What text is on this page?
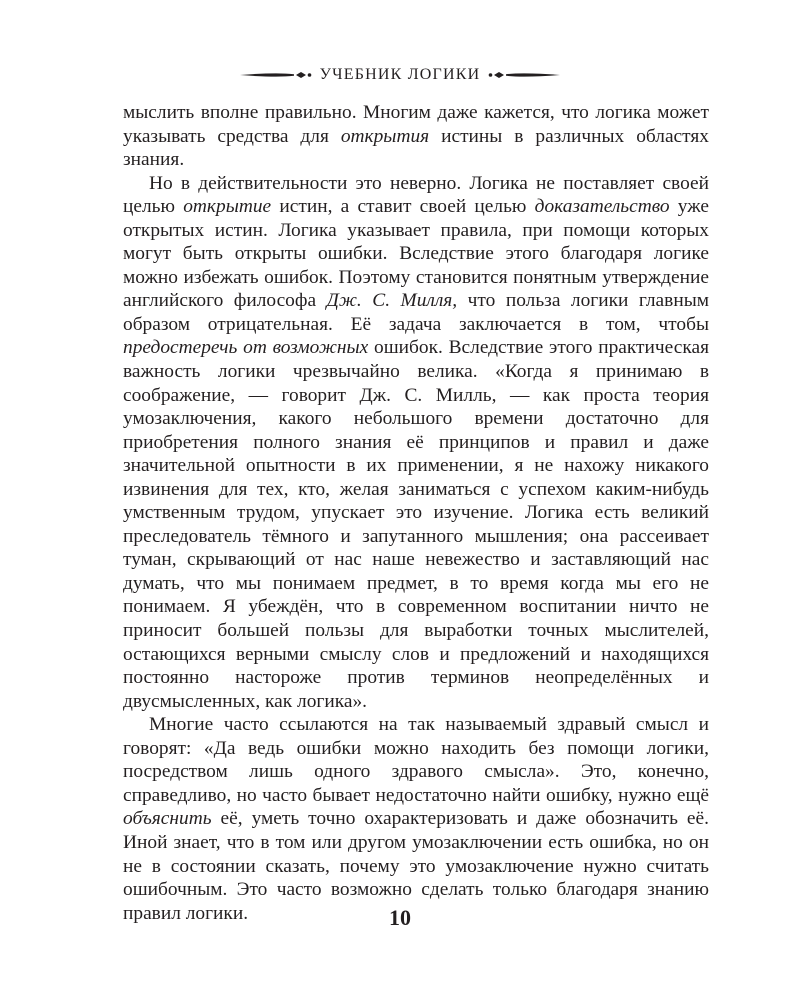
УЧЕБНИК ЛОГИКИ

мыслить вполне правильно. Многим даже кажется, что логика может указывать средства для открытия истины в различных областях знания.

Но в действительности это неверно. Логика не поставляет своей целью открытие истин, а ставит своей целью доказательство уже открытых истин. Логика указывает правила, при помощи которых могут быть открыты ошибки. Вследствие этого благодаря логике можно избежать ошибок. Поэтому становится понятным утверждение английского философа Дж. С. Милля, что польза логики главным образом отрицательная. Её задача заключается в том, чтобы предостеречь от возможных ошибок. Вследствие этого практическая важность логики чрезвычайно велика. «Когда я принимаю в соображение, — говорит Дж. С. Милль, — как проста теория умозаключения, какого небольшого времени достаточно для приобретения полного знания её принципов и правил и даже значительной опытности в их применении, я не нахожу никакого извинения для тех, кто, желая заниматься с успехом каким-нибудь умственным трудом, упускает это изучение. Логика есть великий преследователь тёмного и запутанного мышления; она рассеивает туман, скрывающий от нас наше невежество и заставляющий нас думать, что мы понимаем предмет, в то время когда мы его не понимаем. Я убеждён, что в современном воспитании ничто не приносит большей пользы для выработки точных мыслителей, остающихся верными смыслу слов и предложений и находящихся постоянно настороже против терминов неопределённых и двусмысленных, как логика».

Многие часто ссылаются на так называемый здравый смысл и говорят: «Да ведь ошибки можно находить без помощи логики, посредством лишь одного здравого смысла». Это, конечно, справедливо, но часто бывает недостаточно найти ошибку, нужно ещё объяснить её, уметь точно охарактеризовать и даже обозначить её. Иной знает, что в том или другом умозаключении есть ошибка, но он не в состоянии сказать, почему это умозаключение нужно считать ошибочным. Это часто возможно сделать только благодаря знанию правил логики.	10
